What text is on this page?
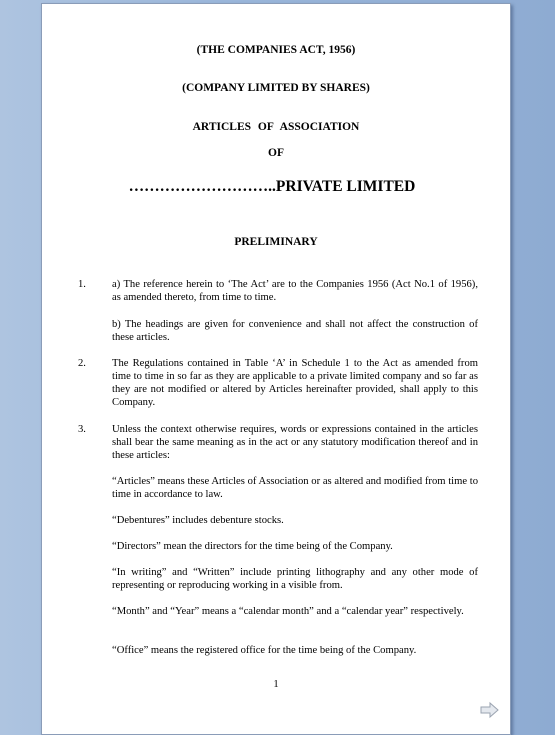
(THE COMPANIES ACT, 1956)
(COMPANY LIMITED BY SHARES)
ARTICLES OF ASSOCIATION
OF
………………………..PRIVATE LIMITED
PRELIMINARY
1. a) The reference herein to ‘The Act’ are to the Companies 1956 (Act No.1 of 1956), as amended thereto, from time to time.
b) The headings are given for convenience and shall not affect the construction of these articles.
2. The Regulations contained in Table ‘A’ in Schedule 1 to the Act as amended from time to time in so far as they are applicable to a private limited company and so far as they are not modified or altered by Articles hereinafter provided, shall apply to this Company.
3. Unless the context otherwise requires, words or expressions contained in the articles shall bear the same meaning as in the act or any statutory modification thereof and in these articles:
“Articles” means these Articles of Association or as altered and modified from time to time in accordance to law.
“Debentures” includes debenture stocks.
“Directors” mean the directors for the time being of the Company.
“In writing” and “Written” include printing lithography and any other mode of representing or reproducing working in a visible from.
“Month” and “Year” means a “calendar month” and a “calendar year” respectively.
“Office” means the registered office for the time being of the Company.
1
